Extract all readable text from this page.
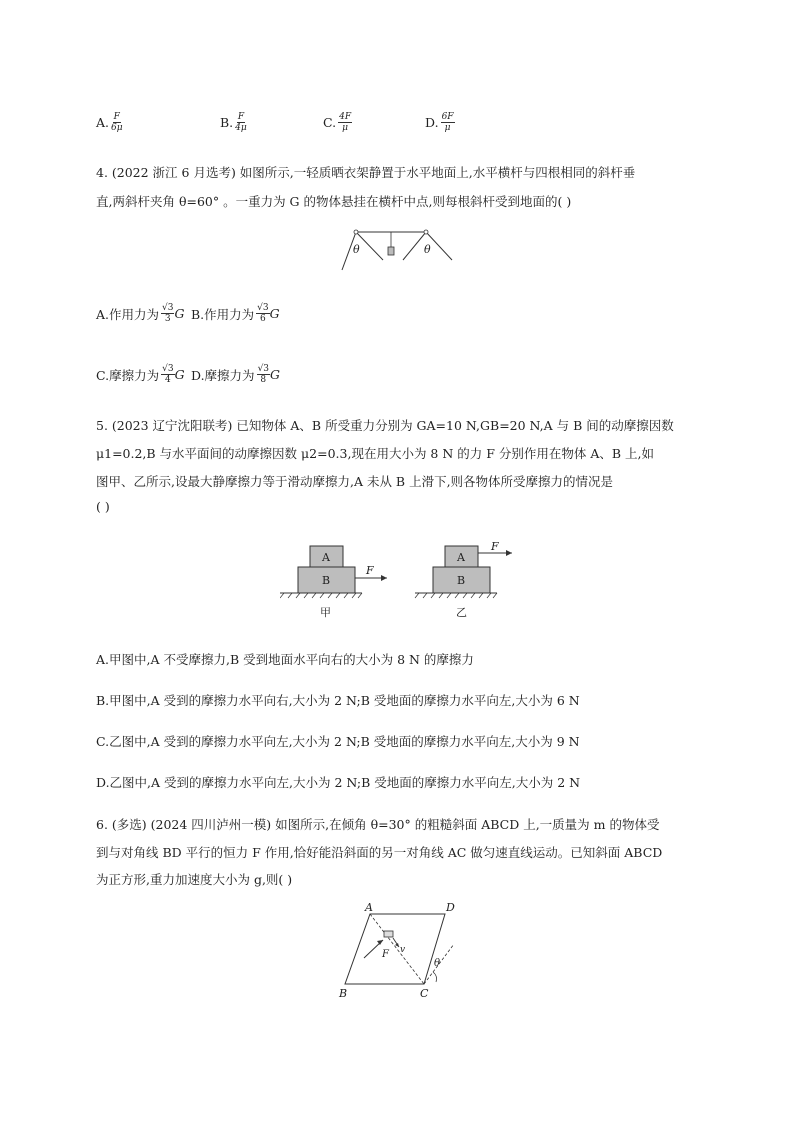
A. $\frac{F}{6\mu}$	B. $\frac{F}{4\mu}$	C. $\frac{4F}{\mu}$	D. $\frac{6F}{\mu}$
4. (2022 浙江 6 月选考) 如图所示,一轻质晒衣架静置于水平地面上,水平横杆与四根相同的斜杆垂
直,两斜杆夹角 θ=60° 。一重力为 G 的物体悬挂在横杆中点,则每根斜杆受到地面的( )
θ	θ
A.作用力为 $\frac{√3}{3}$ G B.作用力为 $\frac{√3}{6}$ G
C.摩擦力为 $\frac{√3}{4}$ G D.摩擦力为 $\frac{√3}{8}$ G
5. (2023 辽宁沈阳联考) 已知物体 A、B 所受重力分别为 GA=10 N,GB=20 N,A 与 B 间的动摩擦因数
μ1=0.2,B 与水平面间的动摩擦因数 μ2=0.3,现在用大小为 8 N 的力 F 分别作用在物体 A、B 上,如
图甲、乙所示,设最大静摩擦力等于滑动摩擦力,A 未从 B 上滑下,则各物体所受摩擦力的情况是
( )
A
B
F
甲
A
B
F
乙
A.甲图中,A 不受摩擦力,B 受到地面水平向右的大小为 8 N 的摩擦力
B.甲图中,A 受到的摩擦力水平向右,大小为 2 N;B 受地面的摩擦力水平向左,大小为 6 N
C.乙图中,A 受到的摩擦力水平向左,大小为 2 N;B 受地面的摩擦力水平向左,大小为 9 N
D.乙图中,A 受到的摩擦力水平向左,大小为 2 N;B 受地面的摩擦力水平向左,大小为 2 N
6. (多选) (2024 四川泸州一模) 如图所示,在倾角 θ=30° 的粗糙斜面 ABCD 上,一质量为 m 的物体受
到与对角线 BD 平行的恒力 F 作用,恰好能沿斜面的另一对角线 AC 做匀速直线运动。已知斜面 ABCD
为正方形,重力加速度大小为 g,则( )
A	D
B	C
F v
θ
